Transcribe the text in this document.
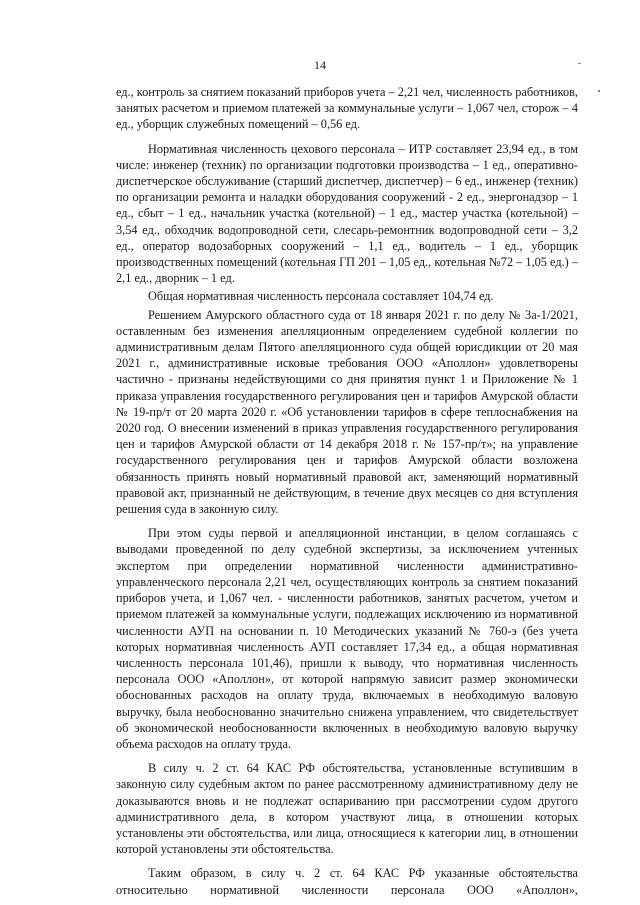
14

ед., контроль за снятием показаний приборов учета – 2,21 чел, численность работников, занятых расчетом и приемом платежей за коммунальные услуги – 1,067 чел, сторож – 4 ед., уборщик служебных помещений – 0,56 ед.

Нормативная численность цехового персонала – ИТР составляет 23,94 ед., в том числе: инженер (техник) по организации подготовки производства – 1 ед., оперативно-диспетчерское обслуживание (старший диспетчер, диспетчер) – 6 ед., инженер (техник) по организации ремонта и наладки оборудования сооружений - 2 ед., энергонадзор – 1 ед., сбыт – 1 ед., начальник участка (котельной) – 1 ед., мастер участка (котельной) – 3,54 ед., обходчик водопроводной сети, слесарь-ремонтник водопроводной сети – 3,2 ед., оператор водозаборных сооружений – 1,1 ед., водитель – 1 ед., уборщик производственных помещений (котельная ГП 201 – 1,05 ед., котельная №72 – 1,05 ед.) – 2,1 ед., дворник – 1 ед.

Общая нормативная численность персонала составляет 104,74 ед.

Решением Амурского областного суда от 18 января 2021 г. по делу № 3а-1/2021, оставленным без изменения апелляционным определением судебной коллегии по административным делам Пятого апелляционного суда общей юрисдикции от 20 мая 2021 г., административные исковые требования ООО «Аполлон» удовлетворены частично - признаны недействующими со дня принятия пункт 1 и Приложение № 1 приказа управления государственного регулирования цен и тарифов Амурской области № 19-пр/т от 20 марта 2020 г. «Об установлении тарифов в сфере теплоснабжения на 2020 год. О внесении изменений в приказ управления государственного регулирования цен и тарифов Амурской области от 14 декабря 2018 г. № 157-пр/т»; на управление государственного регулирования цен и тарифов Амурской области возложена обязанность принять новый нормативный правовой акт, заменяющий нормативный правовой акт, признанный не действующим, в течение двух месяцев со дня вступления решения суда в законную силу.

При этом суды первой и апелляционной инстанции, в целом соглашаясь с выводами проведенной по делу судебной экспертизы, за исключением учтенных экспертом при определении нормативной численности административно-управленческого персонала 2,21 чел, осуществляющих контроль за снятием показаний приборов учета, и 1,067 чел. - численности работников, занятых расчетом, учетом и приемом платежей за коммунальные услуги, подлежащих исключению из нормативной численности АУП на основании п. 10 Методических указаний № 760-э (без учета которых нормативная численность АУП составляет 17,34 ед., а общая нормативная численность персонала 101,46), пришли к выводу, что нормативная численность персонала ООО «Аполлон», от которой напрямую зависит размер экономически обоснованных расходов на оплату труда, включаемых в необходимую валовую выручку, была необоснованно значительно снижена управлением, что свидетельствует об экономической необоснованности включенных в необходимую валовую выручку объема расходов на оплату труда.

В силу ч. 2 ст. 64 КАС РФ обстоятельства, установленные вступившим в законную силу судебным актом по ранее рассмотренному административному делу не доказываются вновь и не подлежат оспариванию при рассмотрении судом другого административного дела, в котором участвуют лица, в отношении которых установлены эти обстоятельства, или лица, относящиеся к категории лиц, в отношении которой установлены эти обстоятельства.

Таким образом, в силу ч. 2 ст. 64 КАС РФ указанные обстоятельства относительно нормативной численности персонала ООО «Аполлон»,
